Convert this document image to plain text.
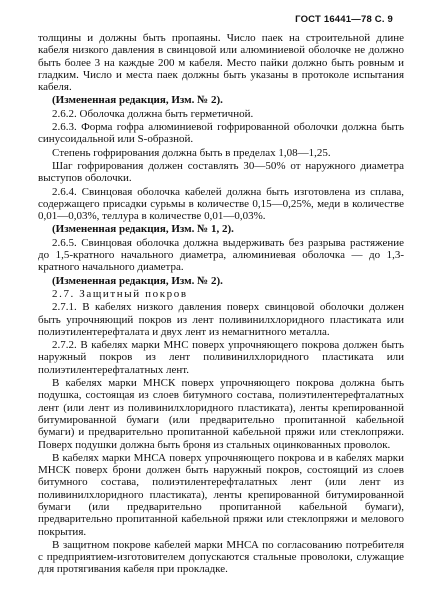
ГОСТ 16441—78 С. 9

толщины и должны быть пропаяны. Число паек на строительной длине кабеля низкого давления в свинцовой или алюминиевой оболочке не должно быть более 3 на каждые 200 м кабеля. Место пайки должно быть ровным и гладким. Число и места паек должны быть указаны в протоколе испытания кабеля.

(Измененная редакция, Изм. № 2).

2.6.2. Оболочка должна быть герметичной.

2.6.3. Форма гофра алюминиевой гофрированной оболочки должна быть синусоидальной или S-образной.

Степень гофрирования должна быть в пределах 1,08—1,25.

Шаг гофрирования должен составлять 30—50% от наружного диаметра выступов оболочки.

2.6.4. Свинцовая оболочка кабелей должна быть изготовлена из сплава, содержащего присадки сурьмы в количестве 0,15—0,25%, меди в количестве 0,01—0,03%, теллура в количестве 0,01—0,03%.

(Измененная редакция, Изм. № 1, 2).

2.6.5. Свинцовая оболочка должна выдерживать без разрыва растяжение до 1,5-кратного начального диаметра, алюминиевая оболочка — до 1,3-кратного начального диаметра.

(Измененная редакция, Изм. № 2).

2.7. Защитный покров

2.7.1. В кабелях низкого давления поверх свинцовой оболочки должен быть упрочняющий покров из лент поливинилхлоридного пластиката или полиэтилентерефталата и двух лент из немагнитного металла.

2.7.2. В кабелях марки МНС поверх упрочняющего покрова должен быть наружный покров из лент поливинилхлоридного пластиката или полиэтилентерефталатных лент.

В кабелях марки МНСК поверх упрочняющего покрова должна быть подушка, состоящая из слоев битумного состава, полиэтилентерефталатных лент (или лент из поливинилхлоридного пластиката), ленты крепированной битумированной бумаги (или предварительно пропитанной кабельной бумаги) и предварительно пропитанной кабельной пряжи или стеклопряжи. Поверх подушки должна быть броня из стальных оцинкованных проволок.

В кабелях марки МНСА поверх упрочняющего покрова и в кабелях марки МНСК поверх брони должен быть наружный покров, состоящий из слоев битумного состава, полиэтилентерефталатных лент (или лент из поливинилхлоридного пластиката), ленты крепированной битумированной бумаги (или предварительно пропитанной кабельной бумаги), предварительно пропитанной кабельной пряжи или стеклопряжи и мелового покрытия.

В защитном покрове кабелей марки МНСА по согласованию потребителя с предприятием-изготовителем допускаются стальные проволоки, служащие для протягивания кабеля при прокладке.
